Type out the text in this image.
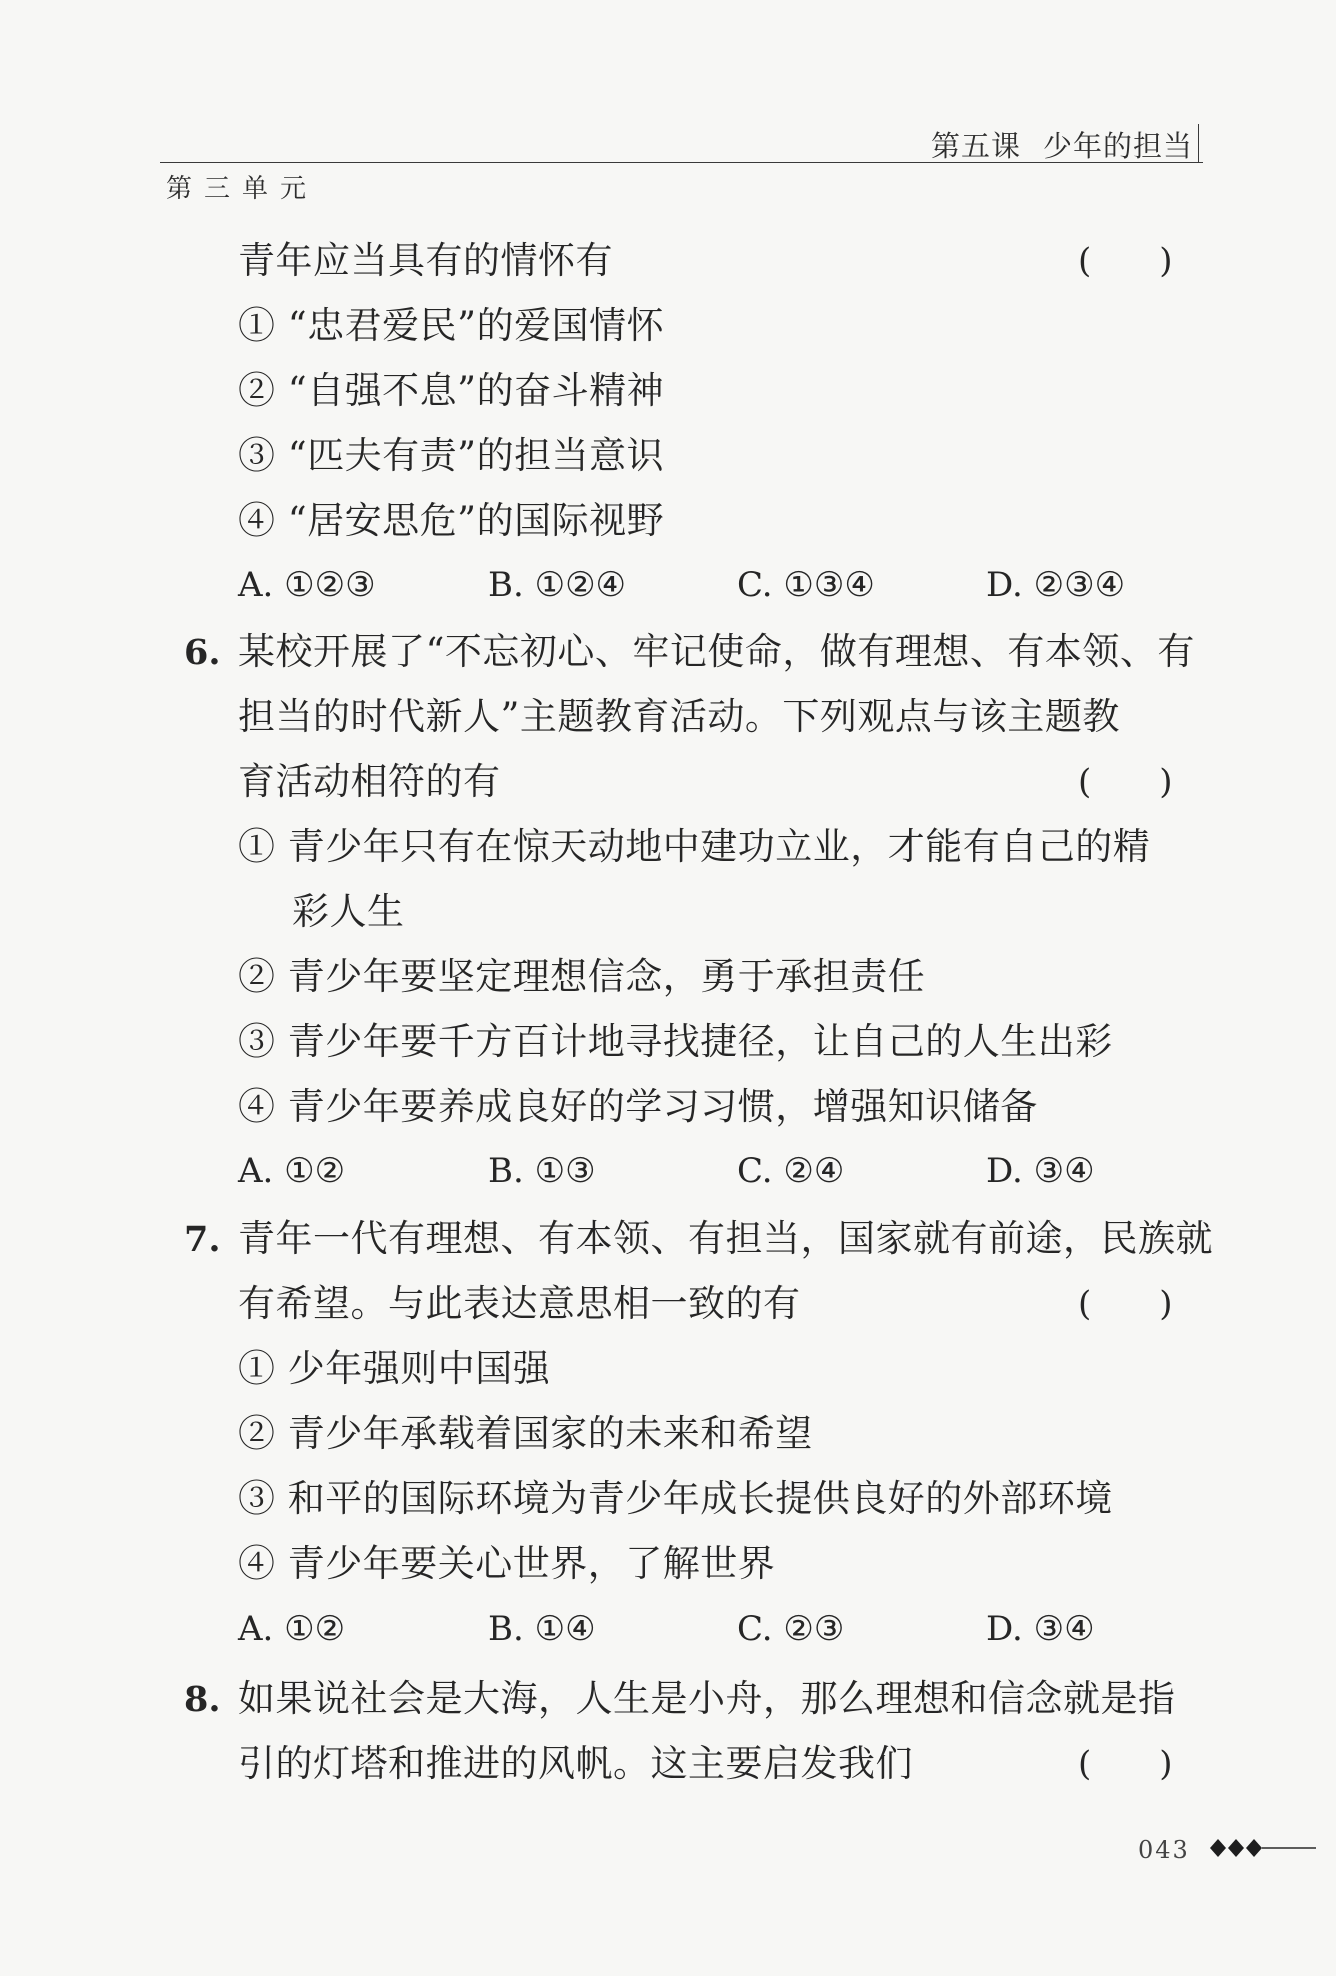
第五课 少年的担当
第三单元
青年应当具有的情怀有	(　　)
① “忠君爱民”的爱国情怀
② “自强不息”的奋斗精神
③ “匹夫有责”的担当意识
④ “居安思危”的国际视野
A. ①②③	B. ①②④	C. ①③④	D. ②③④
6. 某校开展了“不忘初心、牢记使命，做有理想、有本领、有
担当的时代新人”主题教育活动。下列观点与该主题教
育活动相符的有	(　　)
① 青少年只有在惊天动地中建功立业，才能有自己的精
彩人生
② 青少年要坚定理想信念，勇于承担责任
③ 青少年要千方百计地寻找捷径，让自己的人生出彩
④ 青少年要养成良好的学习习惯，增强知识储备
A. ①②	B. ①③	C. ②④	D. ③④
7. 青年一代有理想、有本领、有担当，国家就有前途，民族就
有希望。与此表达意思相一致的有	(　　)
① 少年强则中国强
② 青少年承载着国家的未来和希望
③ 和平的国际环境为青少年成长提供良好的外部环境
④ 青少年要关心世界，了解世界
A. ①②	B. ①④	C. ②③	D. ③④
8. 如果说社会是大海，人生是小舟，那么理想和信念就是指
引的灯塔和推进的风帆。这主要启发我们	(　　)
043
